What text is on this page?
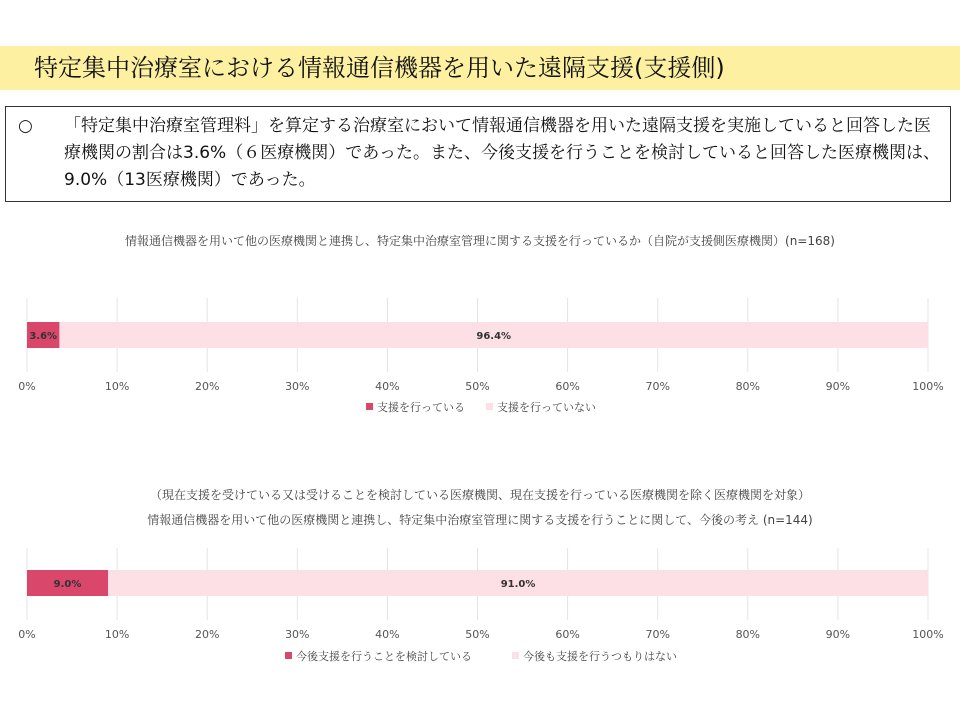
特定集中治療室における情報通信機器を用いた遠隔支援(支援側)
○ 「特定集中治療室管理料」を算定する治療室において情報通信機器を用いた遠隔支援を実施していると回答した医療機関の割合は3.6%（６医療機関）であった。また、今後支援を行うことを検討していると回答した医療機関は、9.0%（13医療機関）であった。
情報通信機器を用いて他の医療機関と連携し、特定集中治療室管理に関する支援を行っているか（自院が支援側医療機関）(n=168)
（現在支援を受けている又は受けることを検討している医療機関、現在支援を行っている医療機関を除く医療機関を対象）
情報通信機器を用いて他の医療機関と連携し、特定集中治療室管理に関する支援を行うことに関して、今後の考え (n=144)
0%	10%	20%	30%	40%	50%	60%	70%	80%	90%	100%
3.6%	96.4%
支援を行っている	支援を行っていない
0%	10%	20%	30%	40%	50%	60%	70%	80%	90%	100%
9.0%	91.0%
今後支援を行うことを検討している	今後も支援を行うつもりはない
